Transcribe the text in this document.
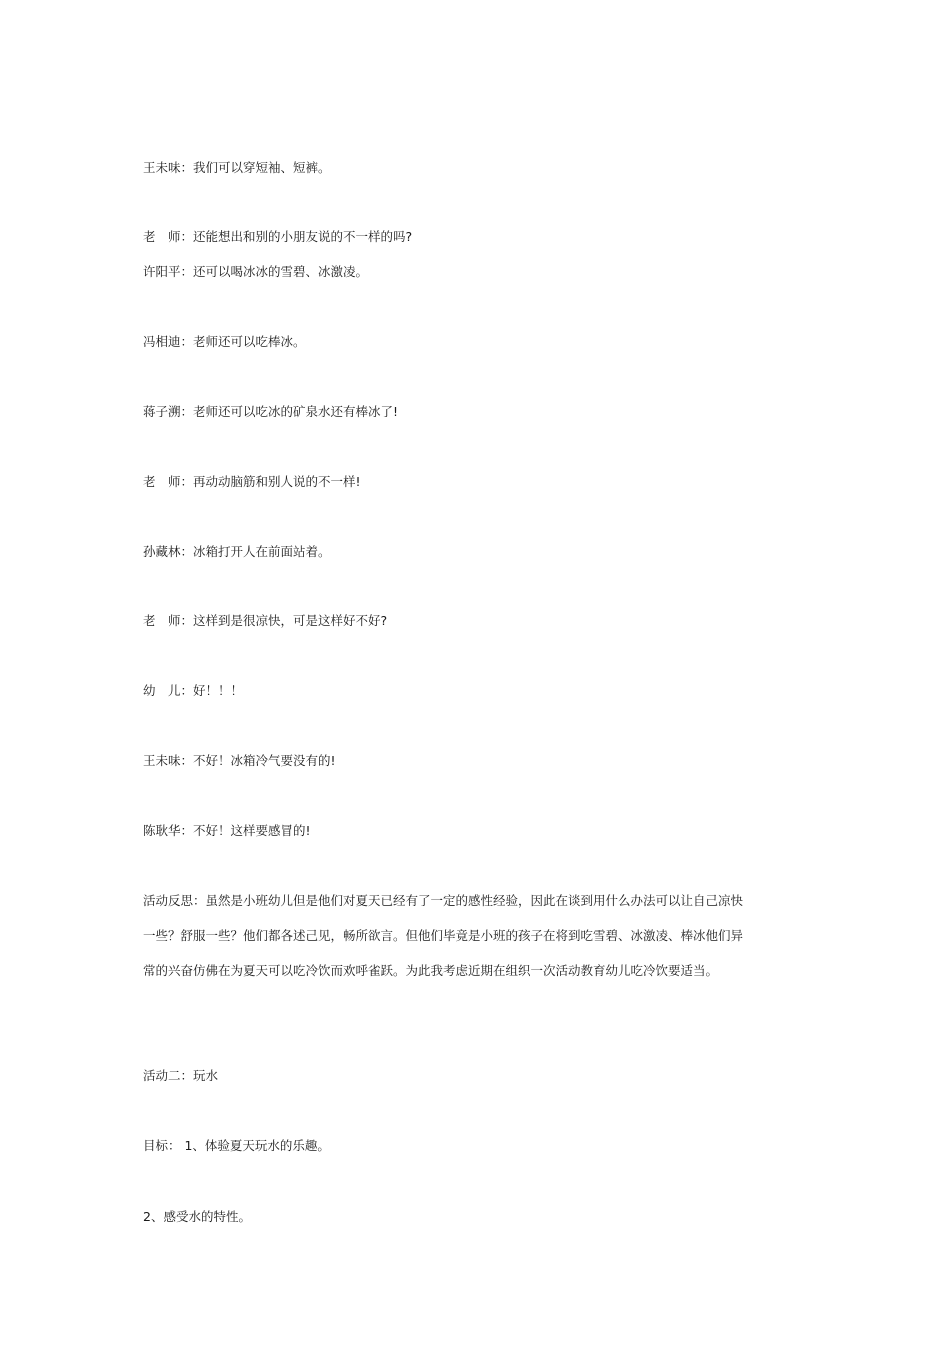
王未味：我们可以穿短袖、短裤。
老　师：还能想出和别的小朋友说的不一样的吗?
许阳平：还可以喝冰冰的雪碧、冰激凌。
冯相迪：老师还可以吃棒冰。
蒋子溯：老师还可以吃冰的矿泉水还有棒冰了!
老　师：再动动脑筋和别人说的不一样!
孙藏林：冰箱打开人在前面站着。
老　师：这样到是很凉快，可是这样好不好?
幼　儿：好！！！
王未味：不好！冰箱冷气要没有的!
陈耿华：不好！这样要感冒的!
活动反思：虽然是小班幼儿但是他们对夏天已经有了一定的感性经验，因此在谈到用什么办法可以让自己凉快一些？舒服一些？他们都各述己见，畅所欲言。但他们毕竟是小班的孩子在将到吃雪碧、冰激凌、棒冰他们异常的兴奋仿佛在为夏天可以吃冷饮而欢呼雀跃。为此我考虑近期在组织一次活动教育幼儿吃冷饮要适当。
活动二：玩水
目标： 1、体验夏天玩水的乐趣。
2、感受水的特性。
